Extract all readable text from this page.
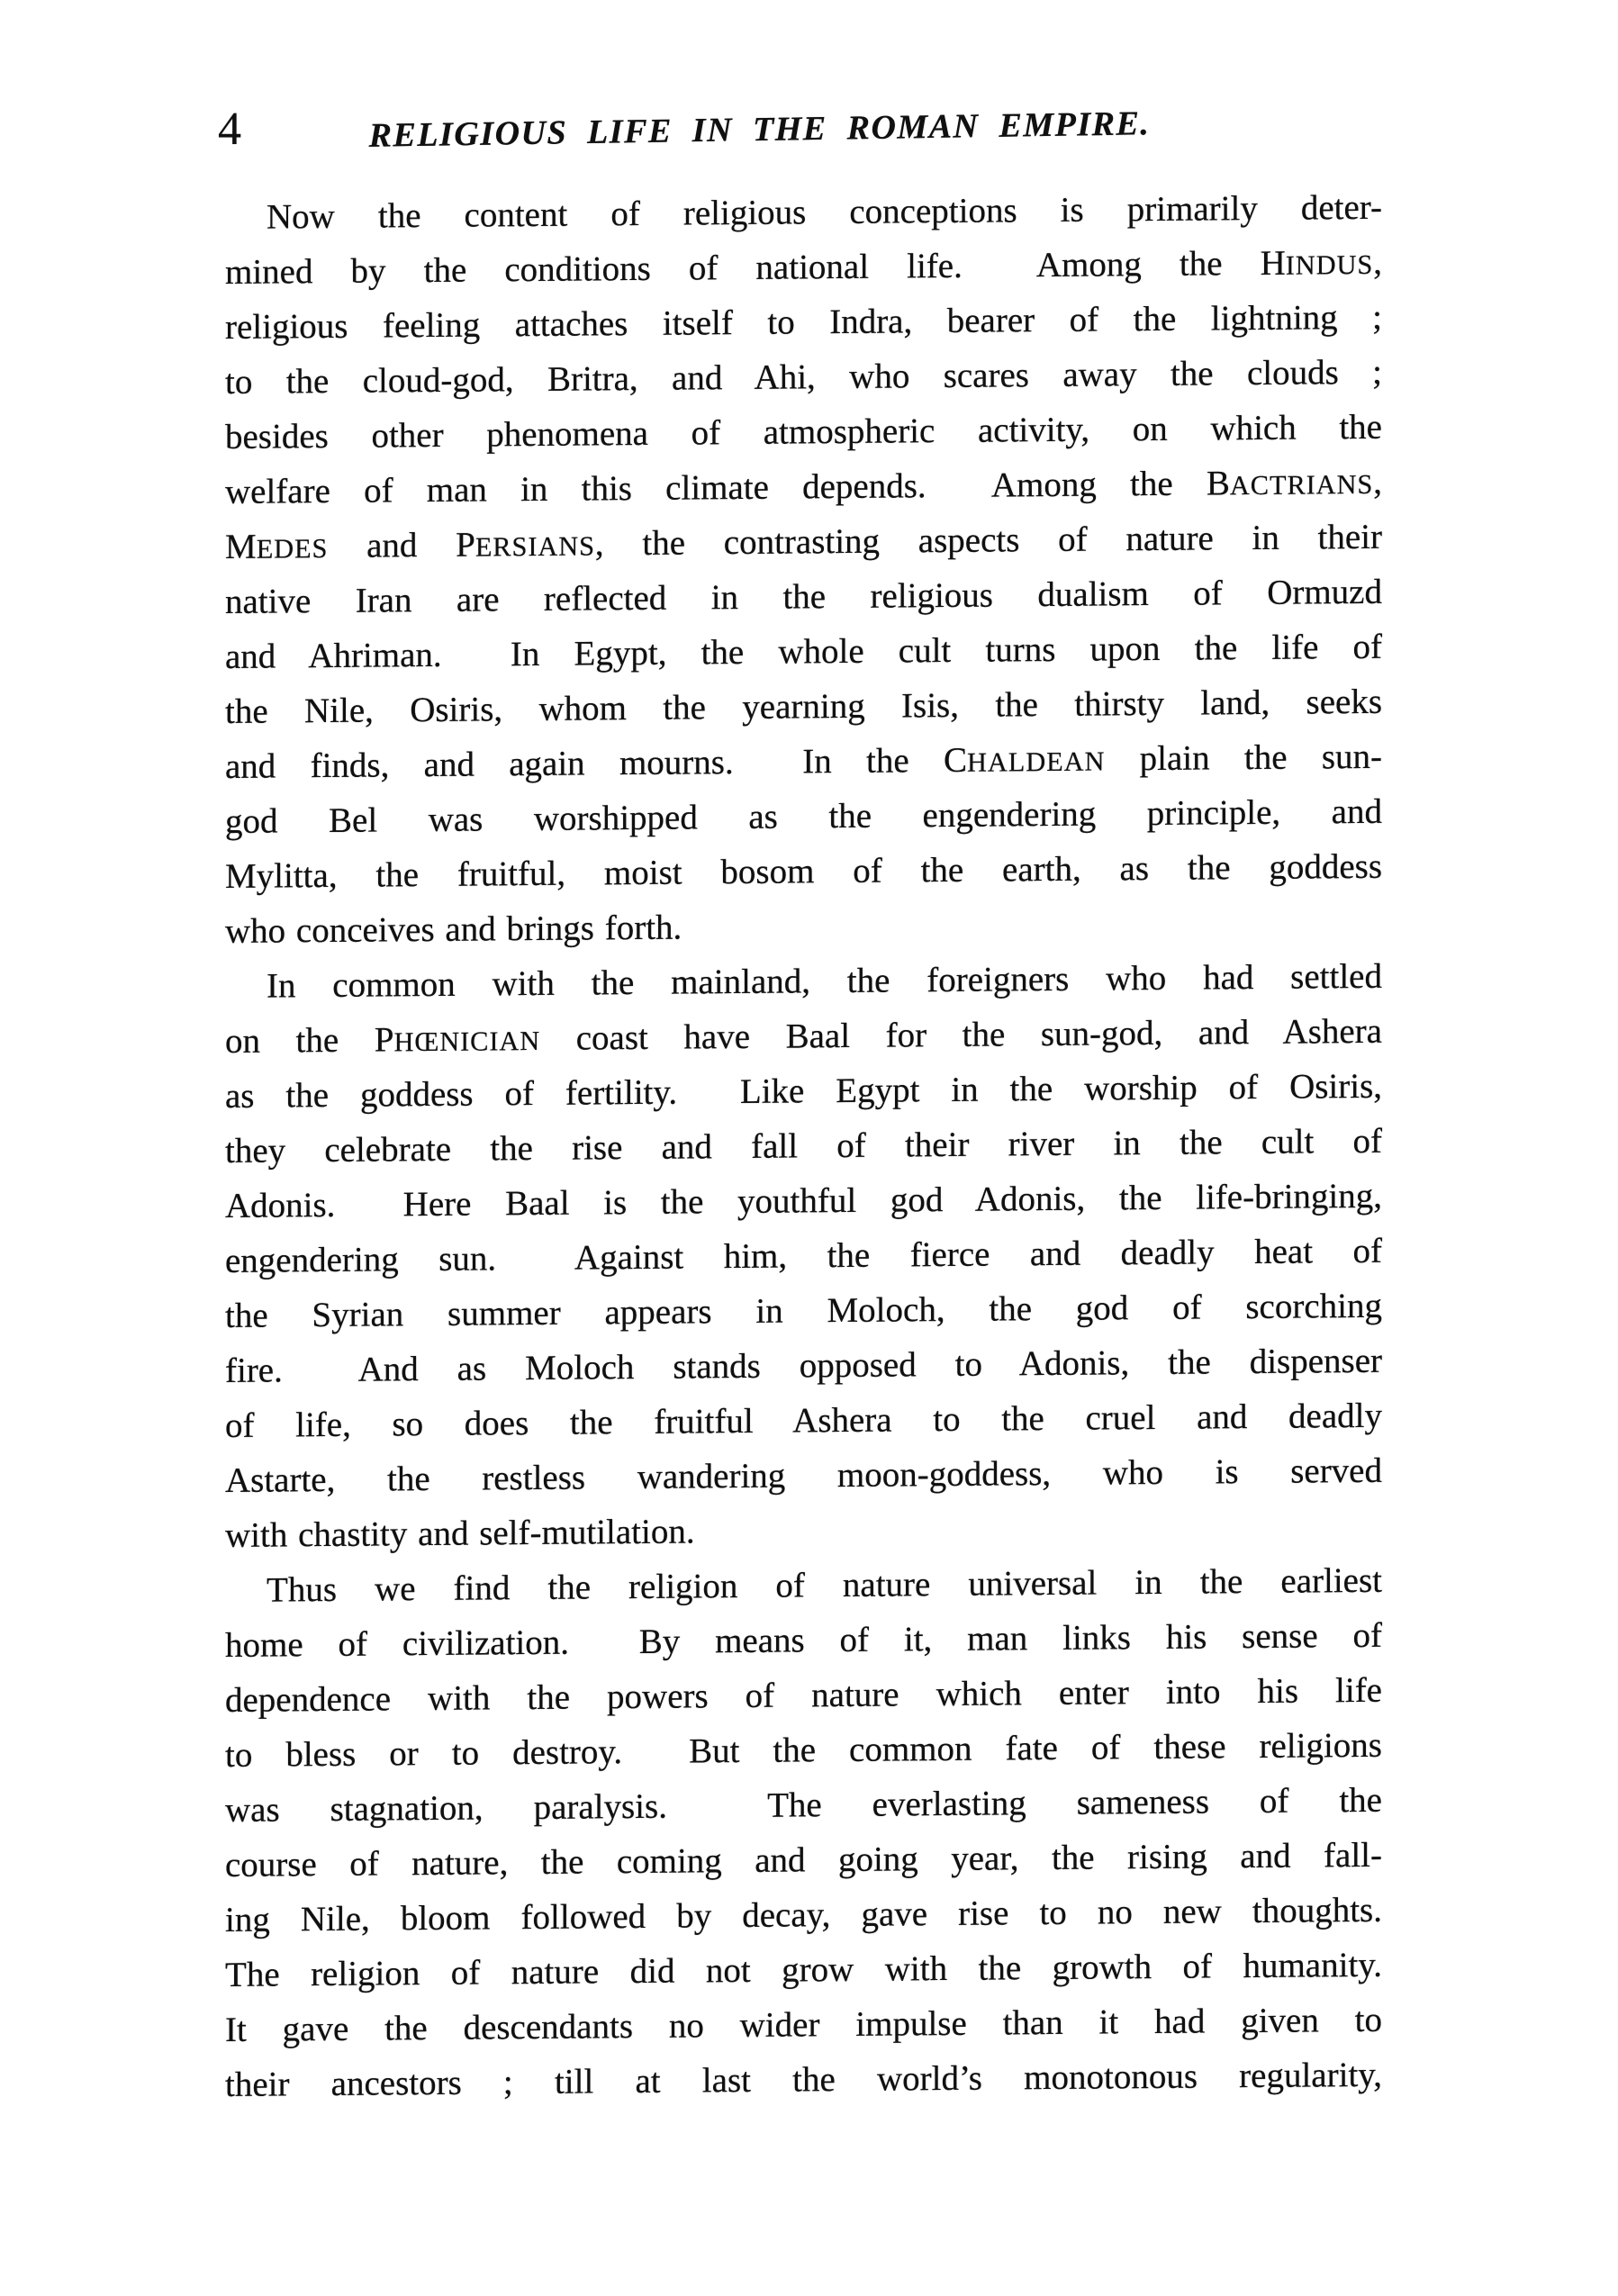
4	RELIGIOUS LIFE IN THE ROMAN EMPIRE.
Now the content of religious conceptions is primarily deter-
mined by the conditions of national life.  Among the HINDUS,
religious feeling attaches itself to Indra, bearer of the lightning ;
to the cloud-god, Britra, and Ahi, who scares away the clouds ;
besides other phenomena of atmospheric activity, on which the
welfare of man in this climate depends.  Among the BACTRIANS,
MEDES and PERSIANS, the contrasting aspects of nature in their
native Iran are reflected in the religious dualism of Ormuzd
and Ahriman.  In Egypt, the whole cult turns upon the life of
the Nile, Osiris, whom the yearning Isis, the thirsty land, seeks
and finds, and again mourns.  In the CHALDEAN plain the sun-
god Bel was worshipped as the engendering principle, and
Mylitta, the fruitful, moist bosom of the earth, as the goddess
who conceives and brings forth.
In common with the mainland, the foreigners who had settled
on the PHŒNICIAN coast have Baal for the sun-god, and Ashera
as the goddess of fertility.  Like Egypt in the worship of Osiris,
they celebrate the rise and fall of their river in the cult of
Adonis.  Here Baal is the youthful god Adonis, the life-bringing,
engendering sun.  Against him, the fierce and deadly heat of
the Syrian summer appears in Moloch, the god of scorching
fire.  And as Moloch stands opposed to Adonis, the dispenser
of life, so does the fruitful Ashera to the cruel and deadly
Astarte, the restless wandering moon-goddess, who is served
with chastity and self-mutilation.
Thus we find the religion of nature universal in the earliest
home of civilization.  By means of it, man links his sense of
dependence with the powers of nature which enter into his life
to bless or to destroy.  But the common fate of these religions
was stagnation, paralysis.  The everlasting sameness of the
course of nature, the coming and going year, the rising and fall-
ing Nile, bloom followed by decay, gave rise to no new thoughts.
The religion of nature did not grow with the growth of humanity.
It gave the descendants no wider impulse than it had given to
their ancestors ; till at last the world’s monotonous regularity,
